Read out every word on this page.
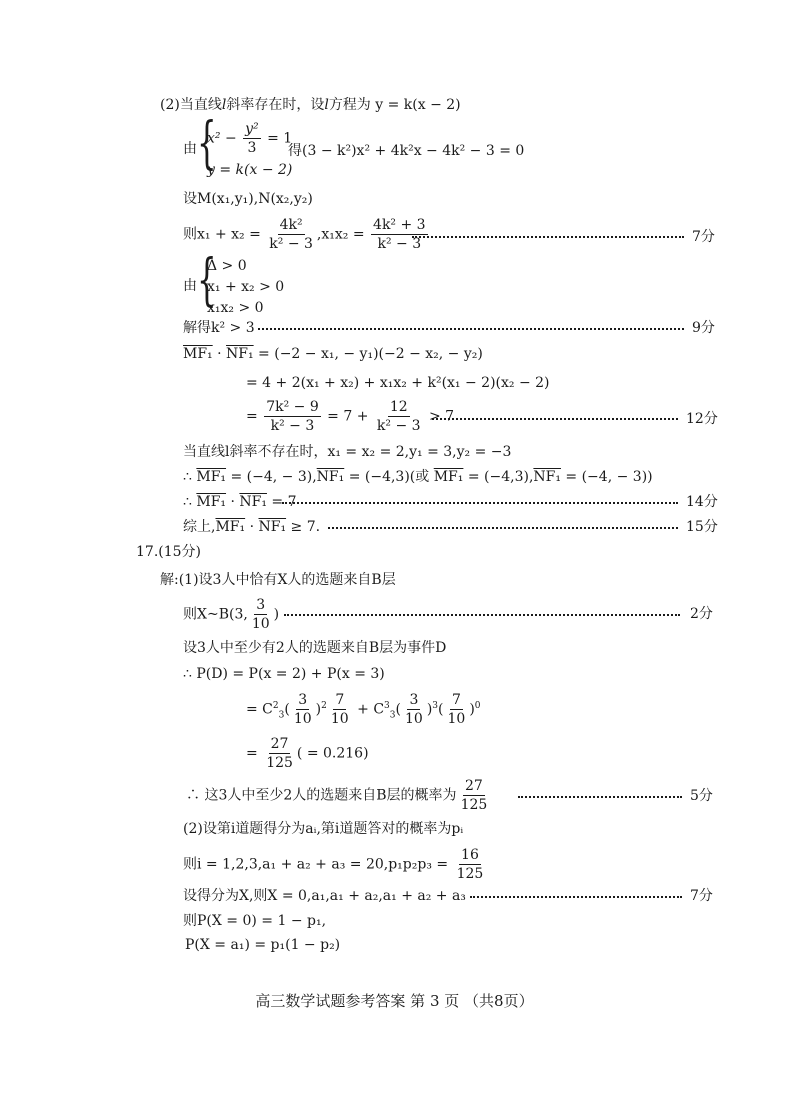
(2)当直线l斜率存在时，设l方程为 y = k(x − 2)
由 {
$x^2 - \frac{\text{y²}}{3} = 1$
y = k(x − 2)
得(3 − k²)x² + 4k²x − 4k² − 3 = 0
设M(x₁,y₁),N(x₂,y₂)
则$x_1 + x_2 = \frac{\text{4k²}}{\text{k² − 3}} ,x_1x_2 = \frac{\text{4k² + 3}}{\text{k² − 3}}$	7分
由 {
Δ > 0
x₁ + x₂ > 0
x₁x₂ > 0
解得k² > 3	9分
MF₁ · NF₁ = (−2 − x₁, − y₁)(−2 − x₂, − y₂)
= 4 + 2(x₁ + x₂) + x₁x₂ + k²(x₁ − 2)(x₂ − 2)
= $\frac{\text{7k² − 9}}{\text{k² − 3}} = 7 + \frac{12}{\text{k² − 3}} > 7$	12分
当直线l斜率不存在时，x₁ = x₂ = 2,y₁ = 3,y₂ = −3
∴ MF₁ = (−4, − 3),NF₁ = (−4,3)(或 MF₁ = (−4,3),NF₁ = (−4, − 3))
∴ MF₁ · NF₁ = 7	14分
综上,MF₁ · NF₁ ≥ 7.	15分
17.(15分)
解:(1)设3人中恰有X人的选题来自B层
则X~B(3, $\frac{3}{10}$ )	2分
设3人中至少有2人的选题来自B层为事件D
∴ P(D) = P(x = 2) + P(x = 3)
= $C^2_3( \frac{3}{10} )^2 \frac{7}{10} + C^3_3( \frac{3}{10} )^3( \frac{7}{10} )^0$
= $\frac{27}{125}$ ( = 0.216)
∴ 这3人中至少2人的选题来自B层的概率为 $\frac{27}{125}$	5分
(2)设第i道题得分为aᵢ,第i道题答对的概率为pᵢ
则$i = 1,2,3,a_1 + a_2 + a_3 = 20,p_1p_2p_3 = \frac{16}{125}$
设得分为X,则X = 0,a₁,a₁ + a₂,a₁ + a₂ + a₃	7分
则P(X = 0) = 1 − p₁,
P(X = a₁) = p₁(1 − p₂)
高三数学试题参考答案 第 3 页 （共8页）
